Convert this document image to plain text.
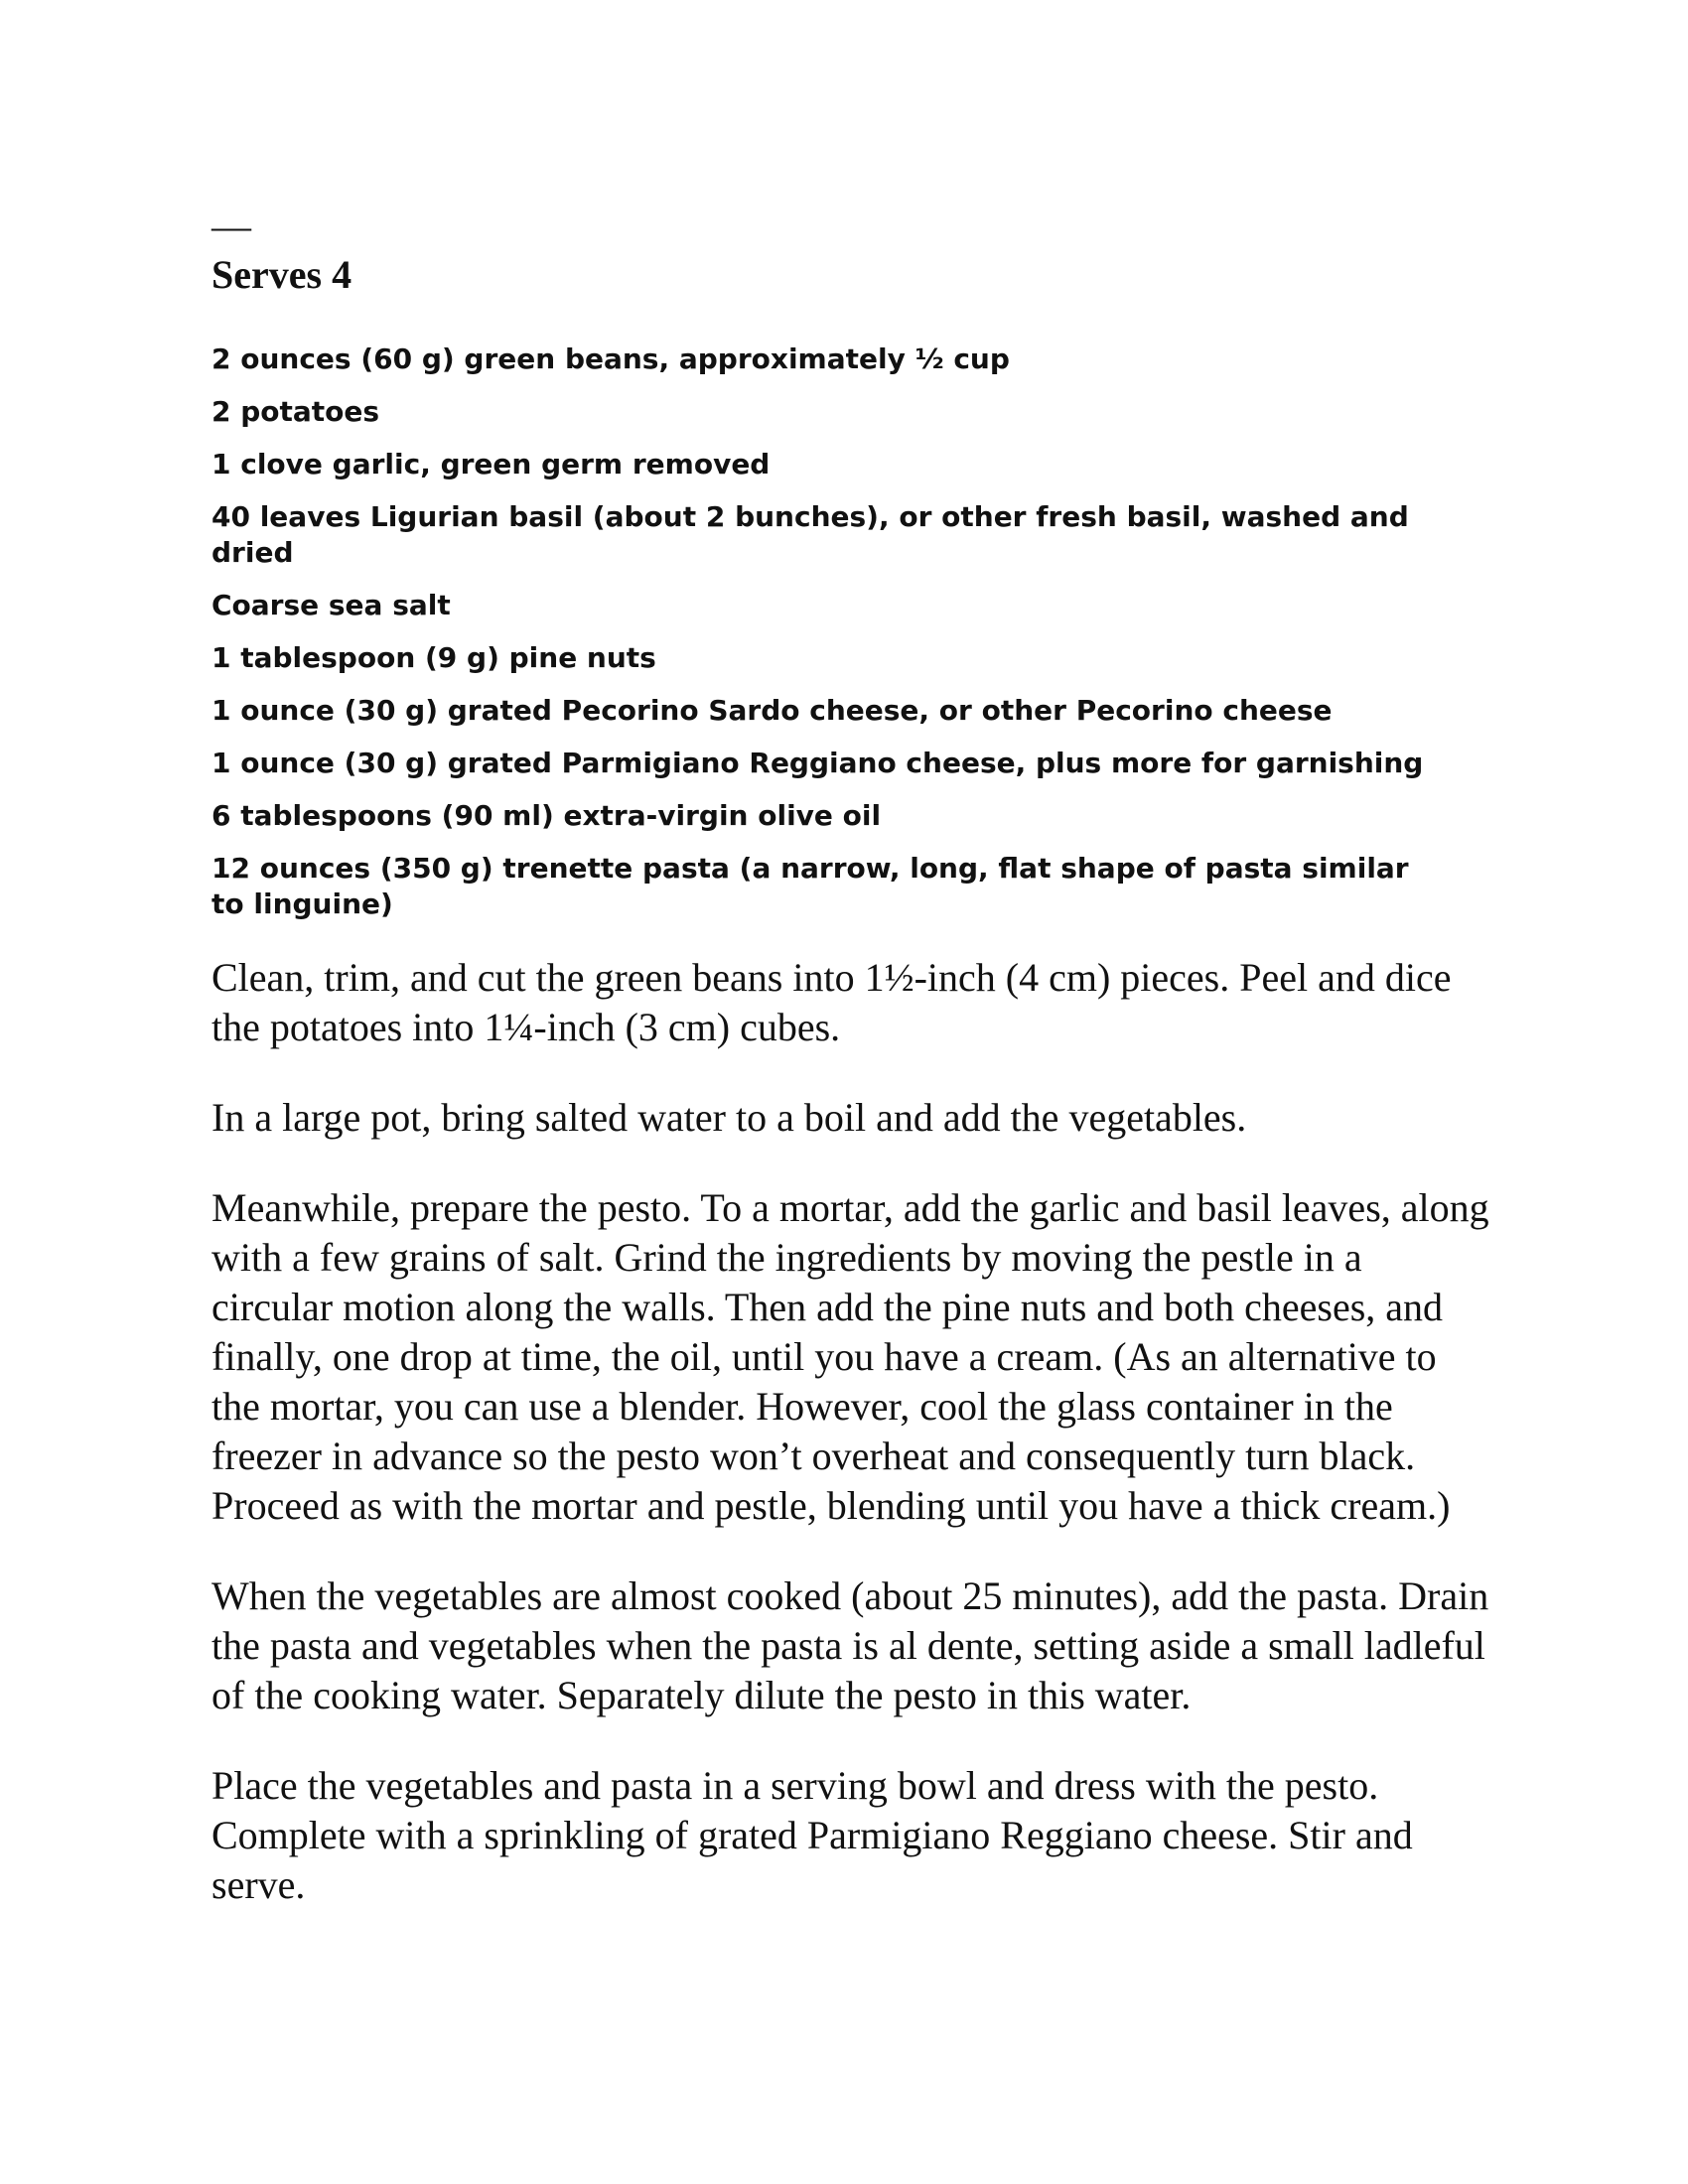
—
Serves 4
2 ounces (60 g) green beans, approximately ½ cup
2 potatoes
1 clove garlic, green germ removed
40 leaves Ligurian basil (about 2 bunches), or other fresh basil, washed and dried
Coarse sea salt
1 tablespoon (9 g) pine nuts
1 ounce (30 g) grated Pecorino Sardo cheese, or other Pecorino cheese
1 ounce (30 g) grated Parmigiano Reggiano cheese, plus more for garnishing
6 tablespoons (90 ml) extra-virgin olive oil
12 ounces (350 g) trenette pasta (a narrow, long, flat shape of pasta similar to linguine)

Clean, trim, and cut the green beans into 1½-inch (4 cm) pieces. Peel and dice the potatoes into 1¼-inch (3 cm) cubes.

In a large pot, bring salted water to a boil and add the vegetables.

Meanwhile, prepare the pesto. To a mortar, add the garlic and basil leaves, along with a few grains of salt. Grind the ingredients by moving the pestle in a circular motion along the walls. Then add the pine nuts and both cheeses, and finally, one drop at time, the oil, until you have a cream. (As an alternative to the mortar, you can use a blender. However, cool the glass container in the freezer in advance so the pesto won’t overheat and consequently turn black. Proceed as with the mortar and pestle, blending until you have a thick cream.)

When the vegetables are almost cooked (about 25 minutes), add the pasta. Drain the pasta and vegetables when the pasta is al dente, setting aside a small ladleful of the cooking water. Separately dilute the pesto in this water.

Place the vegetables and pasta in a serving bowl and dress with the pesto. Complete with a sprinkling of grated Parmigiano Reggiano cheese. Stir and serve.
